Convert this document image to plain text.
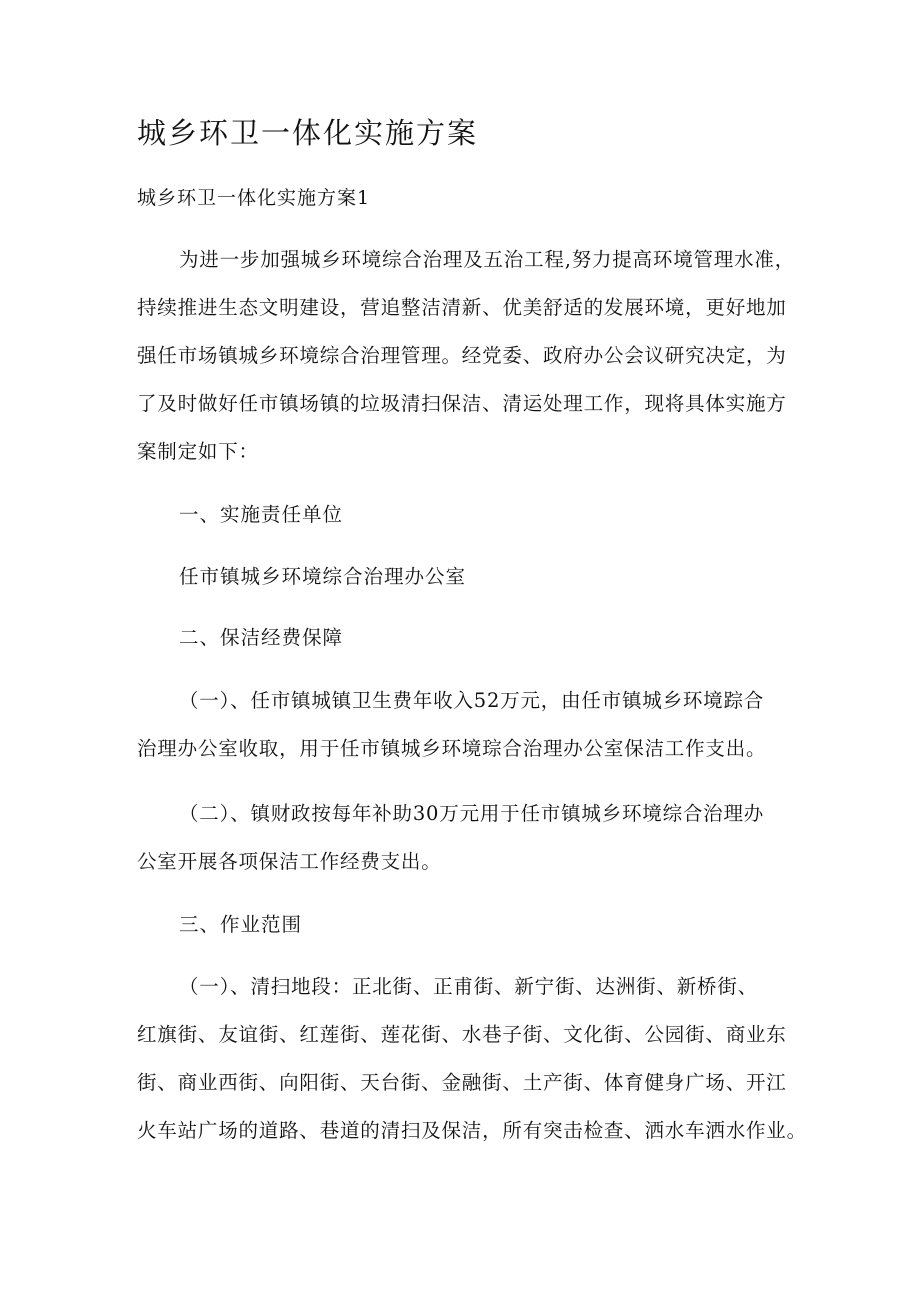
城乡环卫一体化实施方案

城乡环卫一体化实施方案1

为进一步加强城乡环境综合治理及五治工程,努力提高环境管理水准，
持续推进生态文明建设，营追整洁清新、优美舒适的发展环境，更好地加
强任市场镇城乡环境综合治理管理。经党委、政府办公会议研究决定，为
了及时做好任市镇场镇的垃圾清扫保洁、清运处理工作，现将具体实施方
案制定如下：

一、实施责任单位

任市镇城乡环境综合治理办公室

二、保洁经费保障

（一）、任市镇城镇卫生费年收入52万元，由任市镇城乡环境踪合
治理办公室收取，用于任市镇城乡环境琮合治理办公室保洁工作支出。
（二）、镇财政按每年补助30万元用于任市镇城乡环境综合治理办
公室开展各项保洁工作经费支出。

三、作业范围

（一）、清扫地段：正北街、正甫街、新宁街、达洲街、新桥街、
红旗街、友谊街、红莲街、莲花街、水巷子街、文化街、公园街、商业东
街、商业西街、向阳街、天台街、金融街、土产街、体育健身广场、开江
火车站广场的道路、巷道的清扫及保洁，所有突击检查、洒水车洒水作业。
